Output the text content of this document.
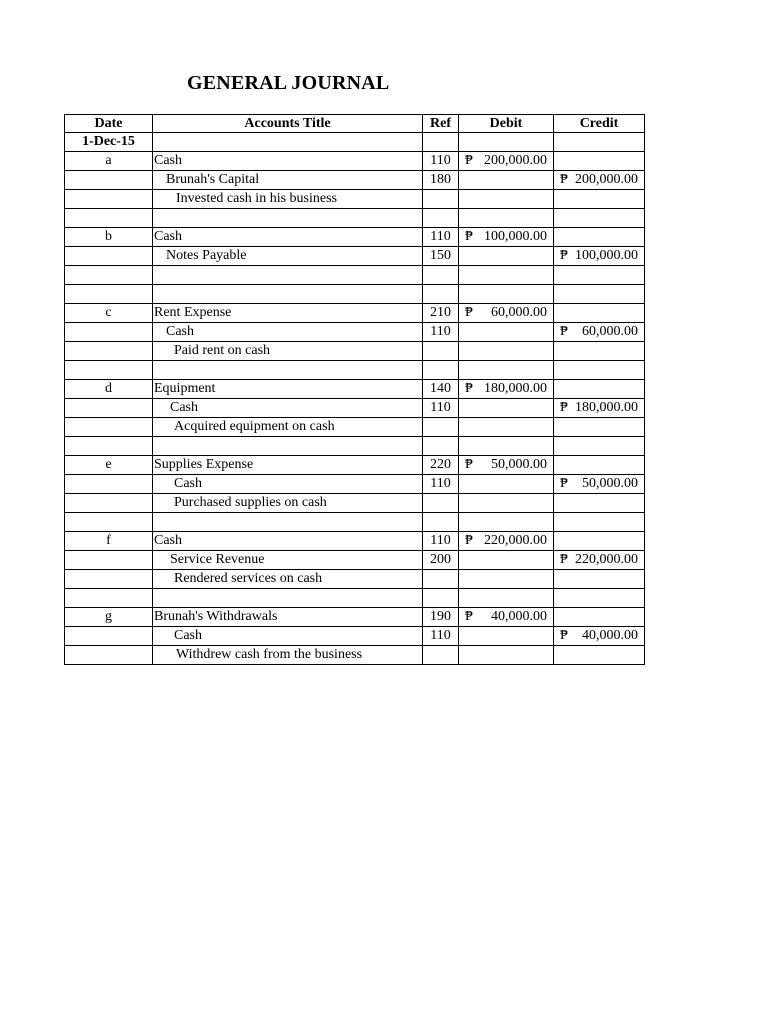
GENERAL JOURNAL
Date	Accounts Title	Ref	Debit	Credit
1-Dec-15				
a	Cash	110	₱ 200,000.00	

	Brunah's Capital	180		₱ 200,000.00

	Invested cash in his business			

b	Cash	110	₱ 100,000.00	

	Notes Payable	150		₱ 100,000.00

c	Rent Expense	210	₱ 60,000.00	

	Cash	110		₱ 60,000.00

	Paid rent on cash			

d	Equipment	140	₱ 180,000.00	

	Cash	110		₱ 180,000.00

	Acquired equipment on cash			

e	Supplies Expense	220	₱ 50,000.00	

	Cash	110		₱ 50,000.00

	Purchased supplies on cash			

f	Cash	110	₱ 220,000.00	

	Service Revenue	200		₱ 220,000.00

	Rendered services on cash			

g	Brunah's Withdrawals	190	₱ 40,000.00	

	Cash	110		₱ 40,000.00

	Withdrew cash from the business			
